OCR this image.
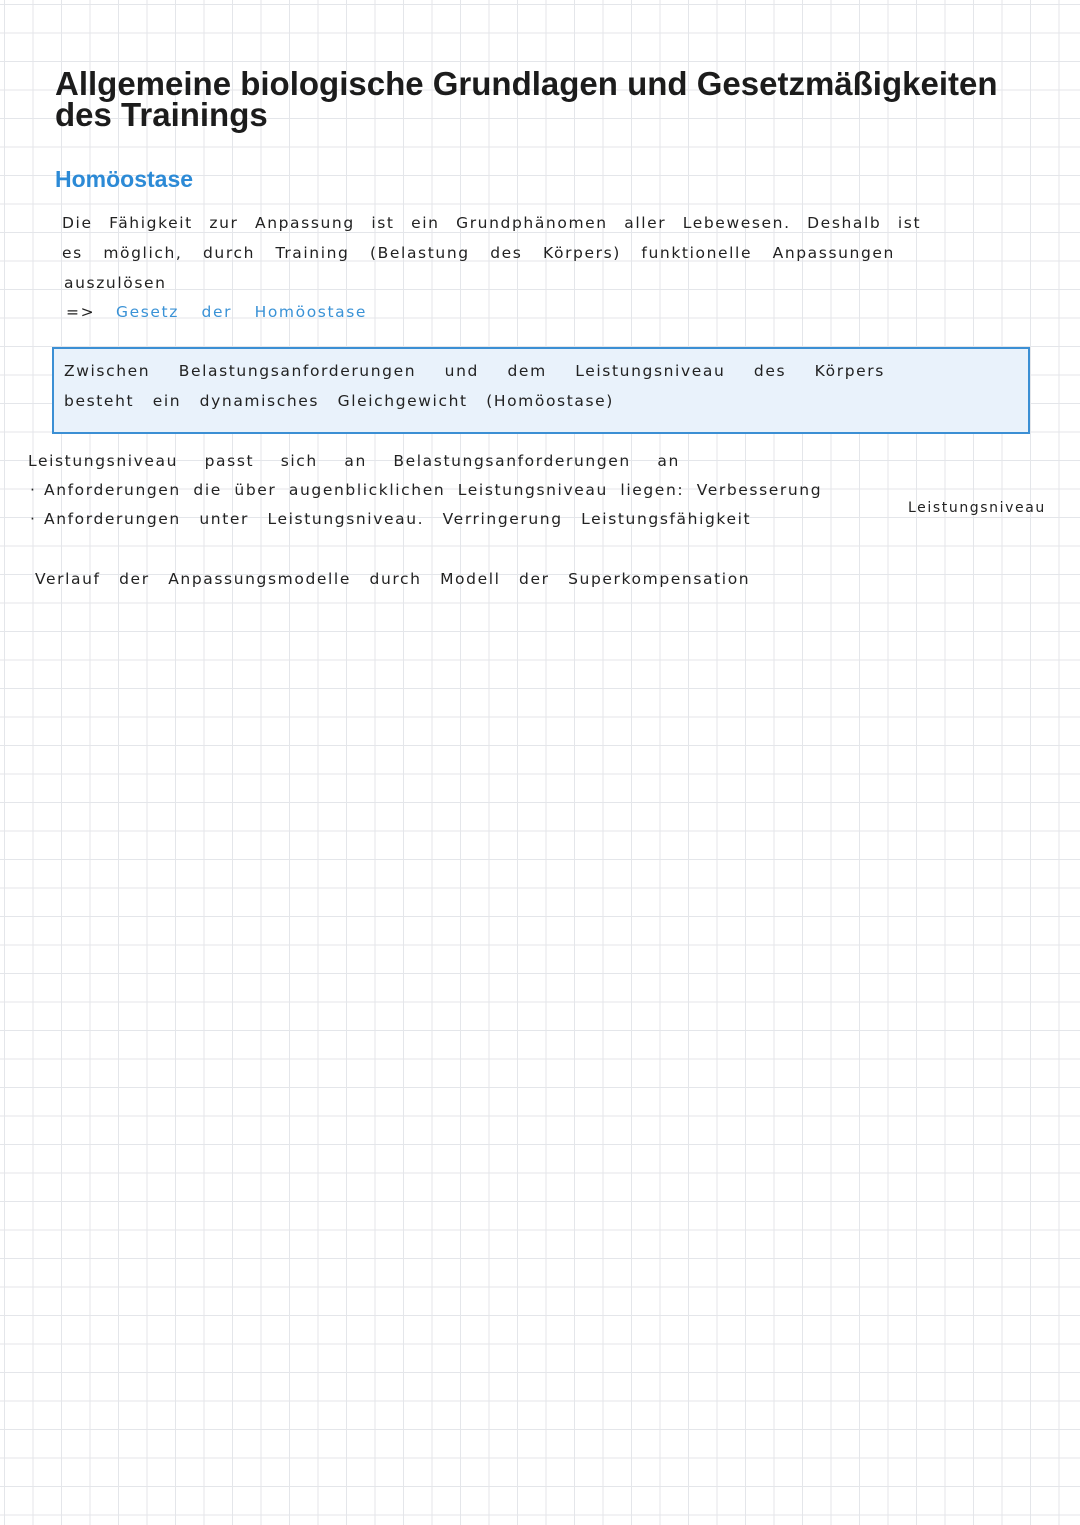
Allgemeine biologische Grundlagen und Gesetzmäßigkeiten des Trainings
Homöostase
Die Fähigkeit zur Anpassung ist ein Grundphänomen aller Lebewesen. Deshalb ist
es möglich, durch Training (Belastung des Körpers) funktionelle Anpassungen
auszulösen
=> Gesetz der Homöostase
Zwischen Belastungsanforderungen und dem Leistungsniveau des Körpers
besteht ein dynamisches Gleichgewicht (Homöostase)
Leistungsniveau passt sich an Belastungsanforderungen an
· Anforderungen die über augenblicklichen Leistungsniveau liegen: Verbesserung
Leistungsniveau
· Anforderungen unter Leistungsniveau. Verringerung Leistungsfähigkeit
Verlauf der Anpassungsmodelle durch Modell der Superkompensation
